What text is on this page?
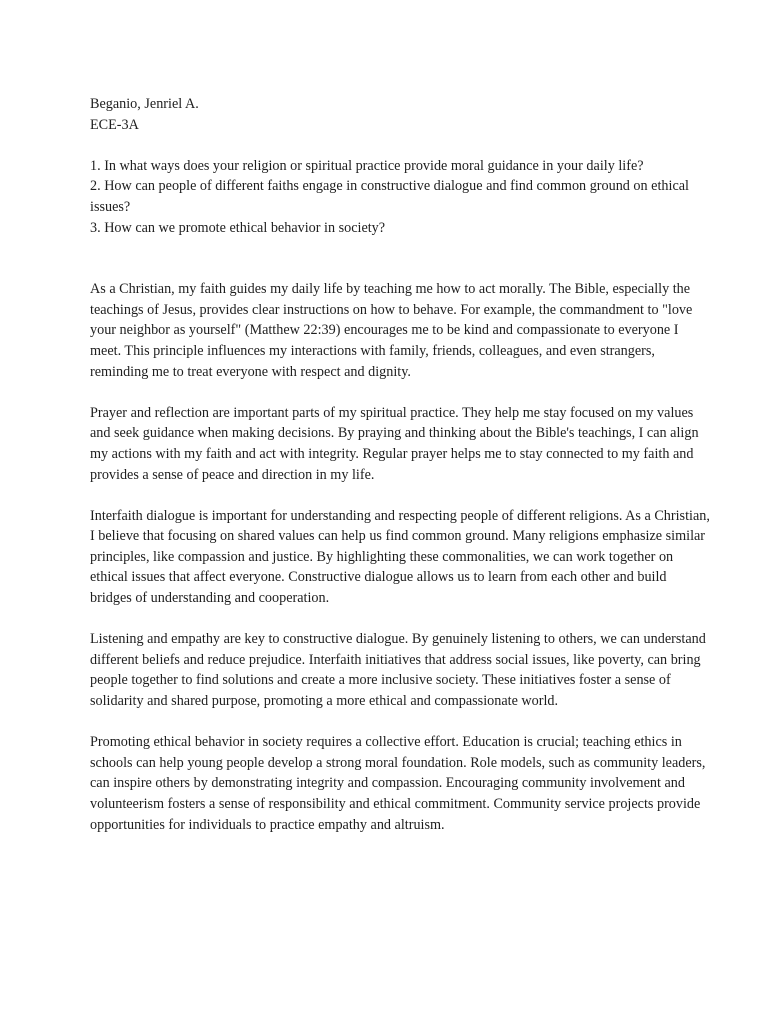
Beganio, Jenriel A.

ECE-3A

1. In what ways does your religion or spiritual practice provide moral guidance in your daily life?

2. How can people of different faiths engage in constructive dialogue and find common ground on ethical issues?

3. How can we promote ethical behavior in society?

As a Christian, my faith guides my daily life by teaching me how to act morally. The Bible, especially the teachings of Jesus, provides clear instructions on how to behave. For example, the commandment to "love your neighbor as yourself" (Matthew 22:39) encourages me to be kind and compassionate to everyone I meet. This principle influences my interactions with family, friends, colleagues, and even strangers, reminding me to treat everyone with respect and dignity.

Prayer and reflection are important parts of my spiritual practice. They help me stay focused on my values and seek guidance when making decisions. By praying and thinking about the Bible's teachings, I can align my actions with my faith and act with integrity. Regular prayer helps me to stay connected to my faith and provides a sense of peace and direction in my life.

Interfaith dialogue is important for understanding and respecting people of different religions. As a Christian, I believe that focusing on shared values can help us find common ground. Many religions emphasize similar principles, like compassion and justice. By highlighting these commonalities, we can work together on ethical issues that affect everyone. Constructive dialogue allows us to learn from each other and build bridges of understanding and cooperation.

Listening and empathy are key to constructive dialogue. By genuinely listening to others, we can understand different beliefs and reduce prejudice. Interfaith initiatives that address social issues, like poverty, can bring people together to find solutions and create a more inclusive society. These initiatives foster a sense of solidarity and shared purpose, promoting a more ethical and compassionate world.

Promoting ethical behavior in society requires a collective effort. Education is crucial; teaching ethics in schools can help young people develop a strong moral foundation. Role models, such as community leaders, can inspire others by demonstrating integrity and compassion. Encouraging community involvement and volunteerism fosters a sense of responsibility and ethical commitment. Community service projects provide opportunities for individuals to practice empathy and altruism.
